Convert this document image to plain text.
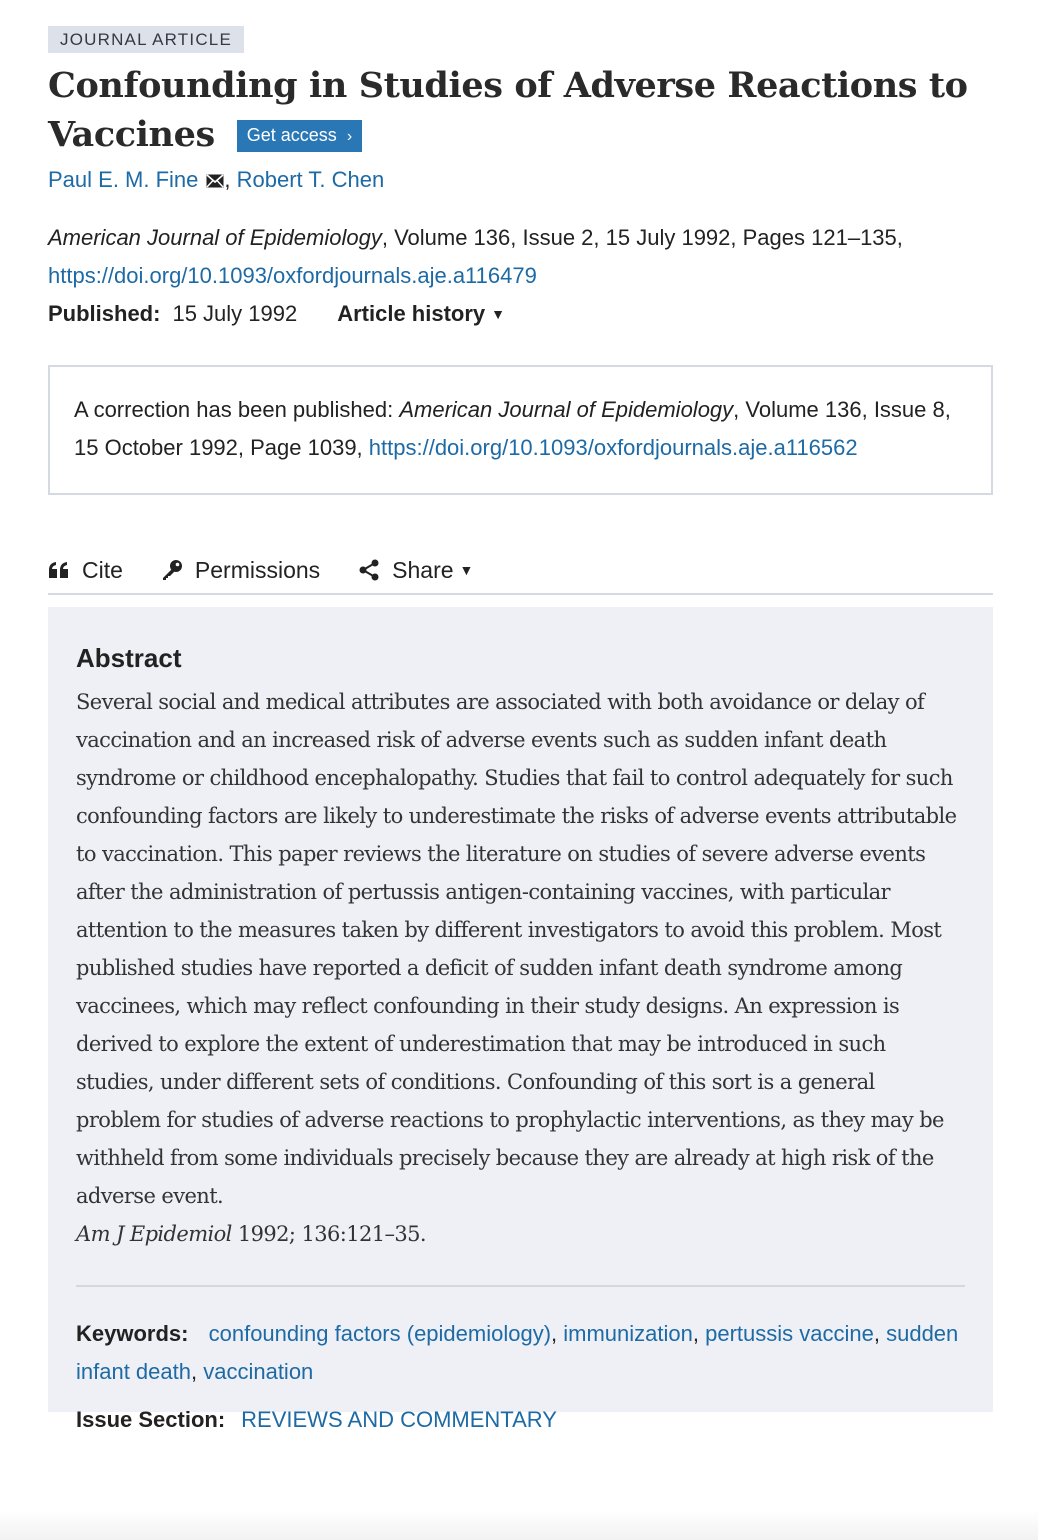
JOURNAL ARTICLE
Confounding in Studies of Adverse Reactions to Vaccines Get access ›
Paul E. M. Fine , Robert T. Chen
American Journal of Epidemiology, Volume 136, Issue 2, 15 July 1992, Pages 121–135,
https://doi.org/10.1093/oxfordjournals.aje.a116479
Published: 15 July 1992 Article history ▼
A correction has been published: American Journal of Epidemiology, Volume 136, Issue 8, 15 October 1992, Page 1039, https://doi.org/10.1093/oxfordjournals.aje.a116562
Cite	Permissions	Share ▼
Abstract
Several social and medical attributes are associated with both avoidance or delay of vaccination and an increased risk of adverse events such as sudden infant death syndrome or childhood encephalopathy. Studies that fail to control adequately for such confounding factors are likely to underestimate the risks of adverse events attributable to vaccination. This paper reviews the literature on studies of severe adverse events after the administration of pertussis antigen-containing vaccines, with particular attention to the measures taken by different investigators to avoid this problem. Most published studies have reported a deficit of sudden infant death syndrome among vaccinees, which may reflect confounding in their study designs. An expression is derived to explore the extent of underestimation that may be introduced in such studies, under different sets of conditions. Confounding of this sort is a general problem for studies of adverse reactions to prophylactic interventions, as they may be withheld from some individuals precisely because they are already at high risk of the adverse event.
Am J Epidemiol 1992; 136:121–35.
Keywords: confounding factors (epidemiology), immunization, pertussis vaccine, sudden infant death, vaccination
Issue Section: REVIEWS AND COMMENTARY
